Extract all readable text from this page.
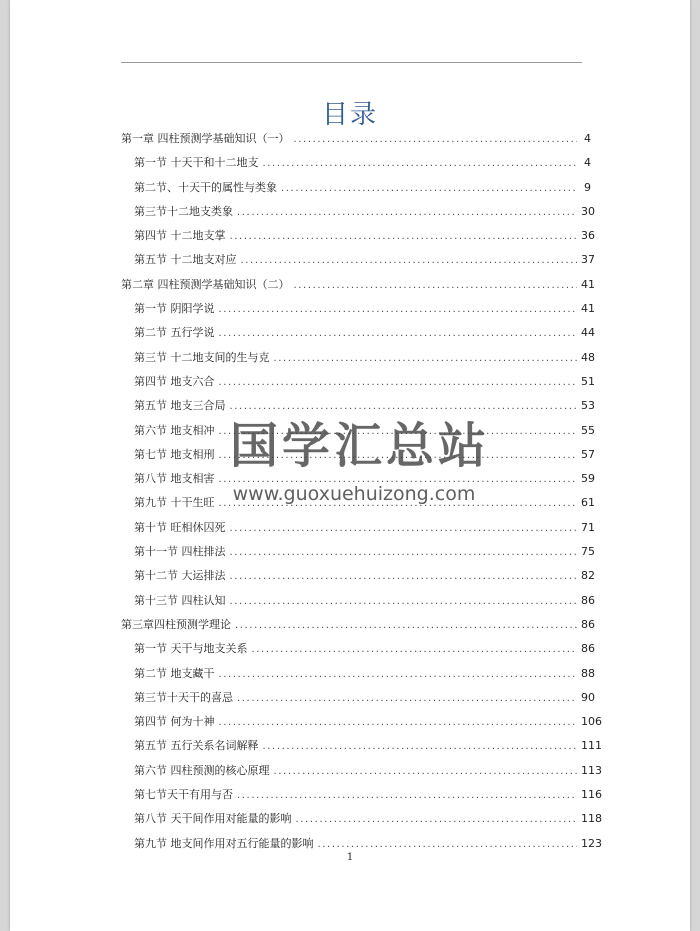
目录
第一章 四柱预测学基础知识（一） .....	4
第一节 十天干和十二地支 .....	4
第二节、十天干的属性与类象 .....	9
第三节十二地支类象 .....	30
第四节 十二地支掌 .....	36
第五节 十二地支对应 .....	37
第二章 四柱预测学基础知识（二） .....	41
第一节 阴阳学说 .....	41
第二节 五行学说 .....	44
第三节 十二地支间的生与克 .....	48
第四节 地支六合 .....	51
第五节 地支三合局 .....	53
第六节 地支相冲 .....	55
第七节 地支相刑 .....	57
第八节 地支相害 .....	59
第九节 十干生旺 .....	61
第十节 旺相休囚死 .....	71
第十一节 四柱排法 .....	75
第十二节 大运排法 .....	82
第十三节 四柱认知 .....	86
第三章四柱预测学理论 .....	86
第一节 天干与地支关系 .....	86
第二节 地支藏干 .....	88
第三节十天干的喜忌 .....	90
第四节 何为十神 .....	106
第五节 五行关系名词解释 .....	111
第六节 四柱预测的核心原理 .....	113
第七节天干有用与否 .....	116
第八节 天干间作用对能量的影响 .....	118
第九节 地支间作用对五行能量的影响 .....	123
1
国学汇总站
www.guoxuehuizong.com
